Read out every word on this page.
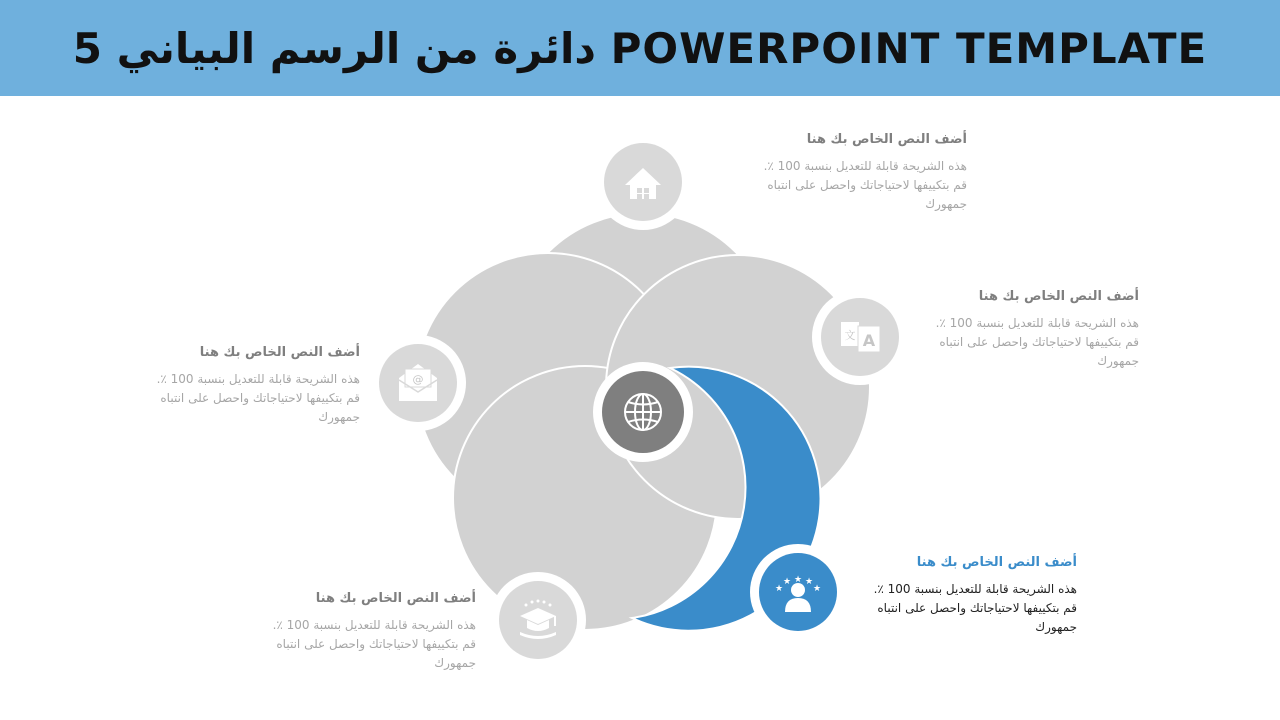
5 دائرة من الرسم البياني POWERPOINT TEMPLATE
A
文
@
★
★ ★
★	★
أضف النص الخاص بك هنا
هذه الشريحة قابلة للتعديل بنسبة 100 ٪. قم بتكييفها لاحتياجاتك واحصل على انتباه جمهورك
أضف النص الخاص بك هنا
هذه الشريحة قابلة للتعديل بنسبة 100 ٪. قم بتكييفها لاحتياجاتك واحصل على انتباه جمهورك
أضف النص الخاص بك هنا
هذه الشريحة قابلة للتعديل بنسبة 100 ٪. قم بتكييفها لاحتياجاتك واحصل على انتباه جمهورك
أضف النص الخاص بك هنا
هذه الشريحة قابلة للتعديل بنسبة 100 ٪. قم بتكييفها لاحتياجاتك واحصل على انتباه جمهورك
أضف النص الخاص بك هنا
هذه الشريحة قابلة للتعديل بنسبة 100 ٪. قم بتكييفها لاحتياجاتك واحصل على انتباه جمهورك
